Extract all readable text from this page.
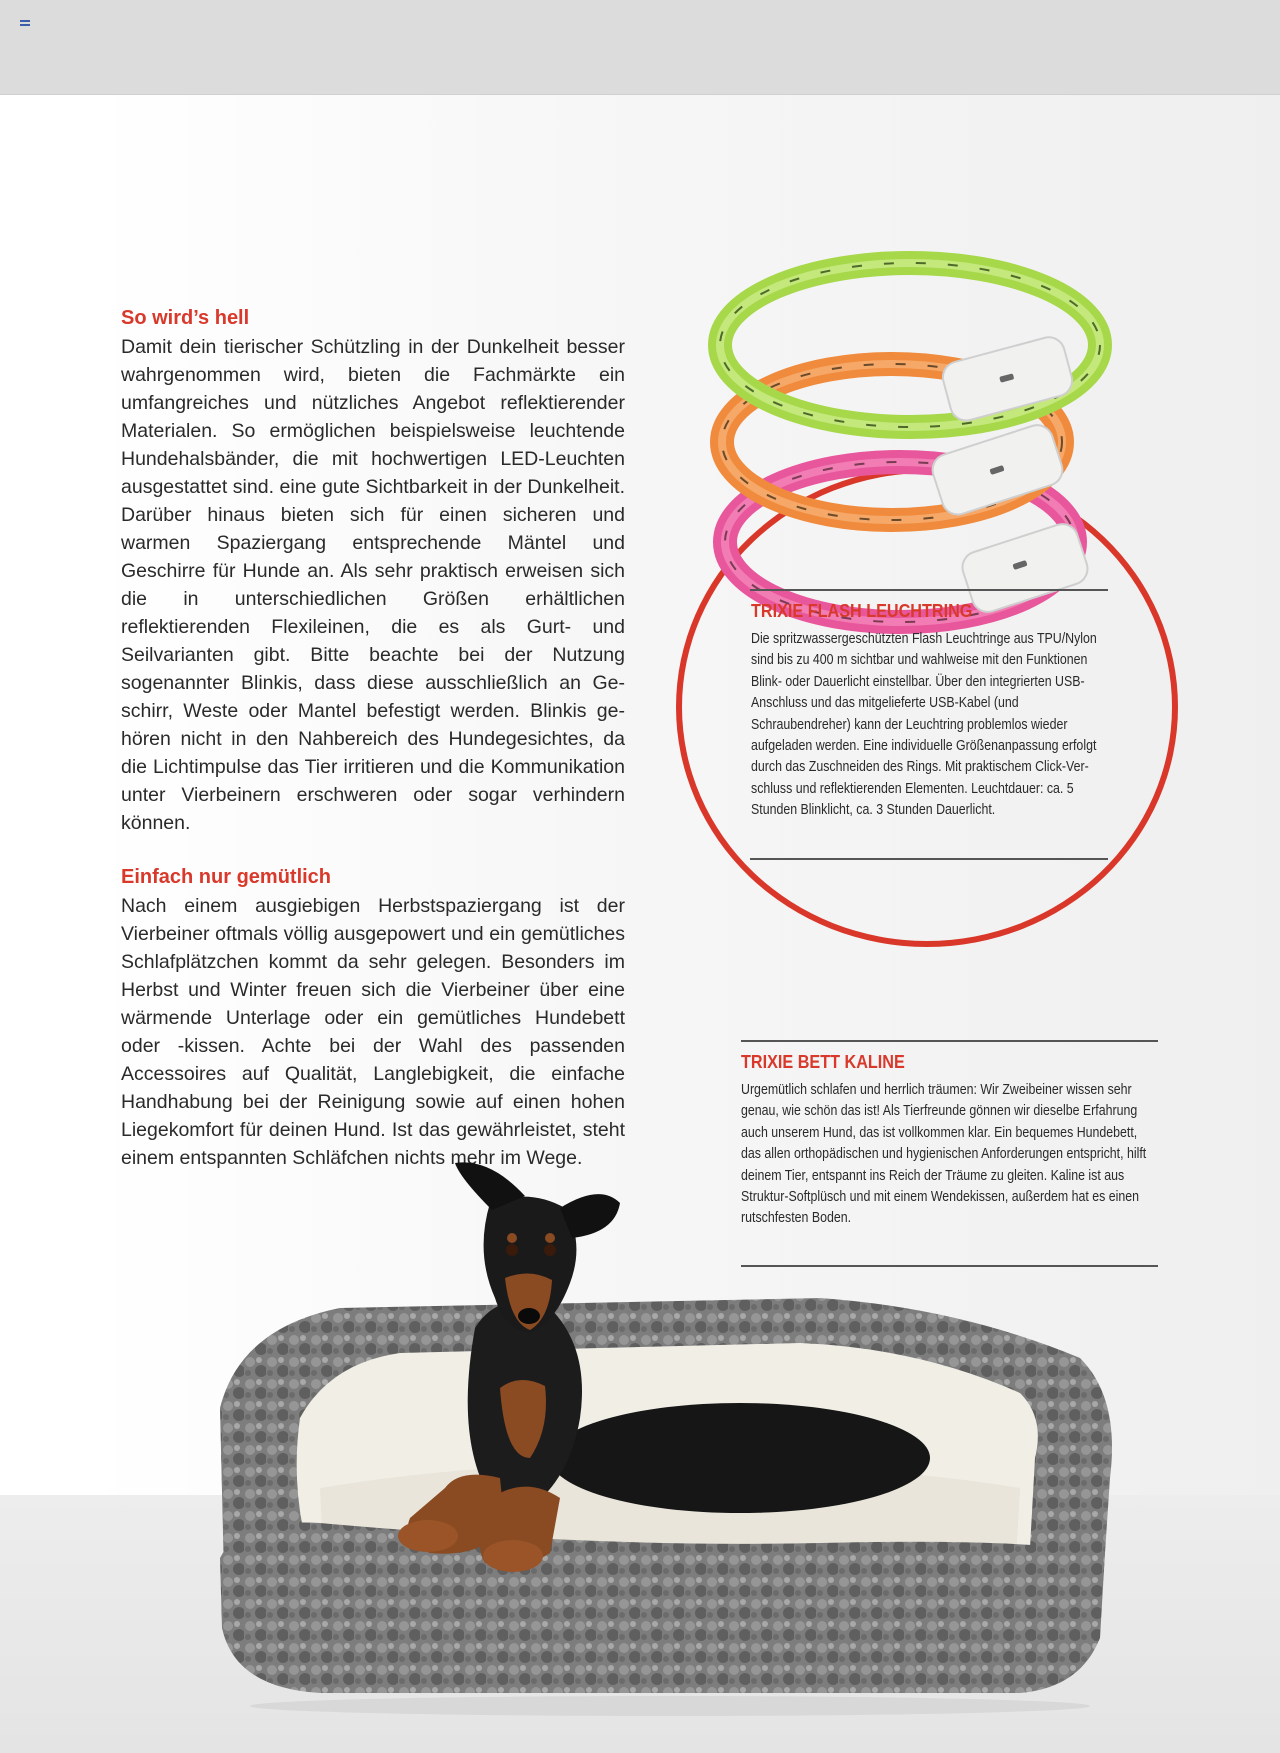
So wird’s hell

Damit dein tierischer Schützling in der Dunkelheit besser wahrgenommen wird, bieten die Fachmärkte ein umfangreiches und nützliches Angebot reflektierender Materialen. So ermöglichen beispielsweise leuchtende Hundehalsbänder, die mit hochwertigen LED-Leuchten ausgestattet sind. eine gute Sichtbarkeit in der Dunkelheit. Darüber hinaus bieten sich für einen sicheren und warmen Spaziergang entsprechende Mäntel und Geschirre für Hunde an. Als sehr praktisch erweisen sich die in unterschiedlichen Größen erhältlichen reflektierenden Flexileinen, die es als Gurt- und Seilvarianten gibt. Bitte beachte bei der Nutzung sogenannter Blinkis, dass diese ausschließlich an Geschirr, Weste oder Mantel befestigt werden. Blinkis gehören nicht in den Nahbereich des Hundegesichtes, da die Lichtimpulse das Tier irritieren und die Kommunikation unter Vierbeinern erschweren oder sogar verhindern können.

Einfach nur gemütlich

Nach einem ausgiebigen Herbstspaziergang ist der Vierbeiner oftmals völlig ausgepowert und ein gemütliches Schlafplätzchen kommt da sehr gelegen. Besonders im Herbst und Winter freuen sich die Vierbeiner über eine wärmende Unterlage oder ein gemütliches Hundebett oder -kissen. Achte bei der Wahl des passenden Accessoires auf Qualität, Langlebigkeit, die einfache Handhabung bei der Reinigung sowie auf einen hohen Liegekomfort für deinen Hund. Ist das gewährleistet, steht einem entspannten Schläfchen nichts mehr im Wege.

TRIXIE FLASH LEUCHTRING

Die spritzwassergeschützten Flash Leuchtringe aus TPU/Nylon sind bis zu 400 m sichtbar und wahlweise mit den Funktionen Blink- oder Dauerlicht einstellbar. Über den integrierten USB-Anschluss und das mitgelieferte USB-Kabel (und Schraubendreher) kann der Leuchtring problemlos wieder aufgeladen werden. Eine individuelle Größenanpassung erfolgt durch das Zuschneiden des Rings. Mit praktischem Click-Verschluss und reflektierenden Elementen. Leuchtdauer: ca. 5 Stunden Blinklicht, ca. 3 Stunden Dauerlicht.

TRIXIE BETT KALINE

Urgemütlich schlafen und herrlich träumen: Wir Zweibeiner wissen sehr genau, wie schön das ist! Als Tierfreunde gönnen wir dieselbe Erfahrung auch unserem Hund, das ist vollkommen klar. Ein bequemes Hundebett, das allen orthopädischen und hygienischen Anforderungen entspricht, hilft deinem Tier, entspannt ins Reich der Träume zu gleiten. Kaline ist aus Struktur-Softplüsch und mit einem Wendekissen, außerdem hat es einen rutschfesten Boden.
